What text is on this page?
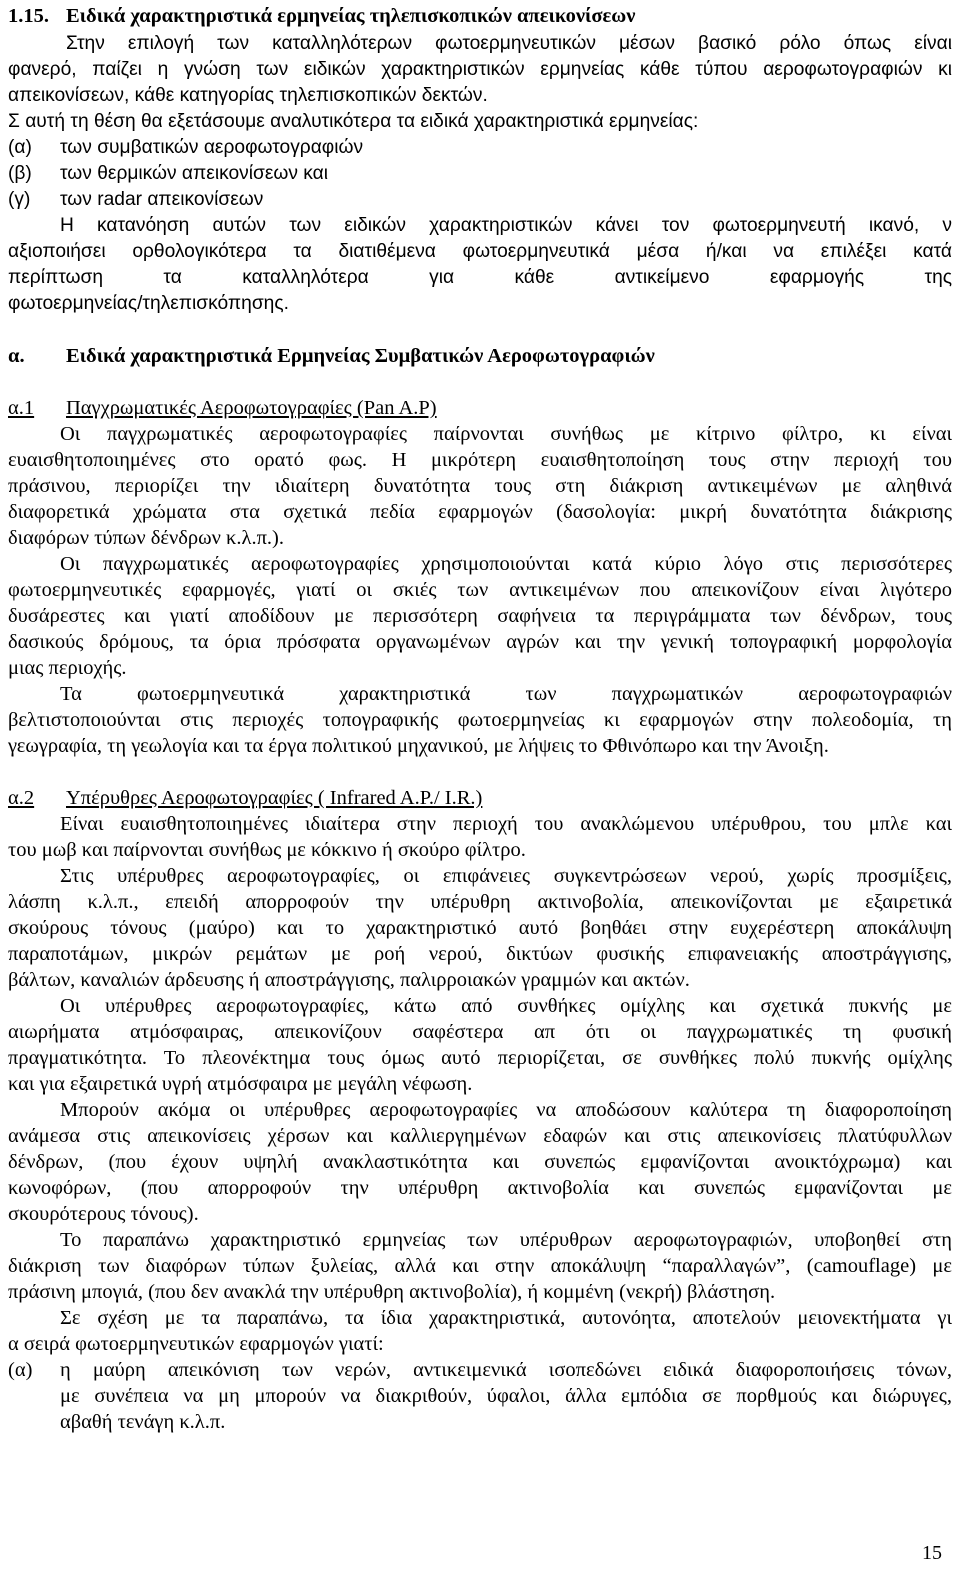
1.15. Ειδικά χαρακτηριστικά ερμηνείας τηλεπισκοπικών απεικονίσεων
Στην επιλογή των καταλληλότερων φωτοερμηνευτικών μέσων βασικό ρόλο όπως είναι
φανερό, παίζει η γνώση των ειδικών χαρακτηριστικών ερμηνείας κάθε τύπου αεροφωτογραφιών κι
απεικονίσεων, κάθε κατηγορίας τηλεπισκοπικών δεκτών.
Σ αυτή τη θέση θα εξετάσουμε αναλυτικότερα τα ειδικά χαρακτηριστικά ερμηνείας:
(α) των συμβατικών αεροφωτογραφιών
(β) των θερμικών απεικονίσεων και
(γ) των radar απεικονίσεων
Η κατανόηση αυτών των ειδικών χαρακτηριστικών κάνει τον φωτοερμηνευτή ικανό, ν
αξιοποιήσει ορθολογικότερα τα διατιθέμενα φωτοερμηνευτικά μέσα ή/και να επιλέξει κατά
περίπτωση τα καταλληλότερα για κάθε αντικείμενο εφαρμογής της
φωτοερμηνείας/τηλεπισκόπησης.
α. Ειδικά χαρακτηριστικά Ερμηνείας Συμβατικών Αεροφωτογραφιών
α.1 Παγχρωματικές Αεροφωτογραφίες (Pan A.P)
Οι παγχρωματικές αεροφωτογραφίες παίρνονται συνήθως με κίτρινο φίλτρο, κι είναι
ευαισθητοποιημένες στο ορατό φως. Η μικρότερη ευαισθητοποίηση τους στην περιοχή του
πράσινου, περιορίζει την ιδιαίτερη δυνατότητα τους στη διάκριση αντικειμένων με αληθινά
διαφορετικά χρώματα στα σχετικά πεδία εφαρμογών (δασολογία: μικρή δυνατότητα διάκρισης
διαφόρων τύπων δένδρων κ.λ.π.).
Οι παγχρωματικές αεροφωτογραφίες χρησιμοποιούνται κατά κύριο λόγο στις περισσότερες
φωτοερμηνευτικές εφαρμογές, γιατί οι σκιές των αντικειμένων που απεικονίζουν είναι λιγότερο
δυσάρεστες και γιατί αποδίδουν με περισσότερη σαφήνεια τα περιγράμματα των δένδρων, τους
δασικούς δρόμους, τα όρια πρόσφατα οργανωμένων αγρών και την γενική τοπογραφική μορφολογία
μιας περιοχής.
Τα φωτοερμηνευτικά χαρακτηριστικά των παγχρωματικών αεροφωτογραφιών
βελτιστοποιούνται στις περιοχές τοπογραφικής φωτοερμηνείας κι εφαρμογών στην πολεοδομία, τη
γεωγραφία, τη γεωλογία και τα έργα πολιτικού μηχανικού, με λήψεις το Φθινόπωρο και την Άνοιξη.
α.2 Υπέρυθρες Αεροφωτογραφίες ( Infrared A.P./ I.R.)
Είναι ευαισθητοποιημένες ιδιαίτερα στην περιοχή του ανακλώμενου υπέρυθρου, του μπλε και
του μωβ και παίρνονται συνήθως με κόκκινο ή σκούρο φίλτρο.
Στις υπέρυθρες αεροφωτογραφίες, οι επιφάνειες συγκεντρώσεων νερού, χωρίς προσμίξεις,
λάσπη κ.λ.π., επειδή απορροφούν την υπέρυθρη ακτινοβολία, απεικονίζονται με εξαιρετικά
σκούρους τόνους (μαύρο) και το χαρακτηριστικό αυτό βοηθάει στην ευχερέστερη αποκάλυψη
παραποτάμων, μικρών ρεμάτων με ροή νερού, δικτύων φυσικής επιφανειακής αποστράγγισης,
βάλτων, καναλιών άρδευσης ή αποστράγγισης, παλιρροιακών γραμμών και ακτών.
Οι υπέρυθρες αεροφωτογραφίες, κάτω από συνθήκες ομίχλης και σχετικά πυκνής με
αιωρήματα ατμόσφαιρας, απεικονίζουν σαφέστερα απ ότι οι παγχρωματικές τη φυσική
πραγματικότητα. Το πλεονέκτημα τους όμως αυτό περιορίζεται, σε συνθήκες πολύ πυκνής ομίχλης
και για εξαιρετικά υγρή ατμόσφαιρα με μεγάλη νέφωση.
Μπορούν ακόμα οι υπέρυθρες αεροφωτογραφίες να αποδώσουν καλύτερα τη διαφοροποίηση
ανάμεσα στις απεικονίσεις χέρσων και καλλιεργημένων εδαφών και στις απεικονίσεις πλατύφυλλων
δένδρων, (που έχουν υψηλή ανακλαστικότητα και συνεπώς εμφανίζονται ανοικτόχρωμα) και
κωνοφόρων, (που απορροφούν την υπέρυθρη ακτινοβολία και συνεπώς εμφανίζονται με
σκουρότερους τόνους).
Το παραπάνω χαρακτηριστικό ερμηνείας των υπέρυθρων αεροφωτογραφιών, υποβοηθεί στη
διάκριση των διαφόρων τύπων ξυλείας, αλλά και στην αποκάλυψη “παραλλαγών”, (camouflage) με
πράσινη μπογιά, (που δεν ανακλά την υπέρυθρη ακτινοβολία), ή κομμένη (νεκρή) βλάστηση.
Σε σχέση με τα παραπάνω, τα ίδια χαρακτηριστικά, αυτονόητα, αποτελούν μειονεκτήματα γι
α σειρά φωτοερμηνευτικών εφαρμογών γιατί:
(α) η μαύρη απεικόνιση των νερών, αντικειμενικά ισοπεδώνει ειδικά διαφοροποιήσεις τόνων,
με συνέπεια να μη μπορούν να διακριθούν, ύφαλοι, άλλα εμπόδια σε πορθμούς και διώρυγες,
αβαθή τενάγη κ.λ.π.
15
